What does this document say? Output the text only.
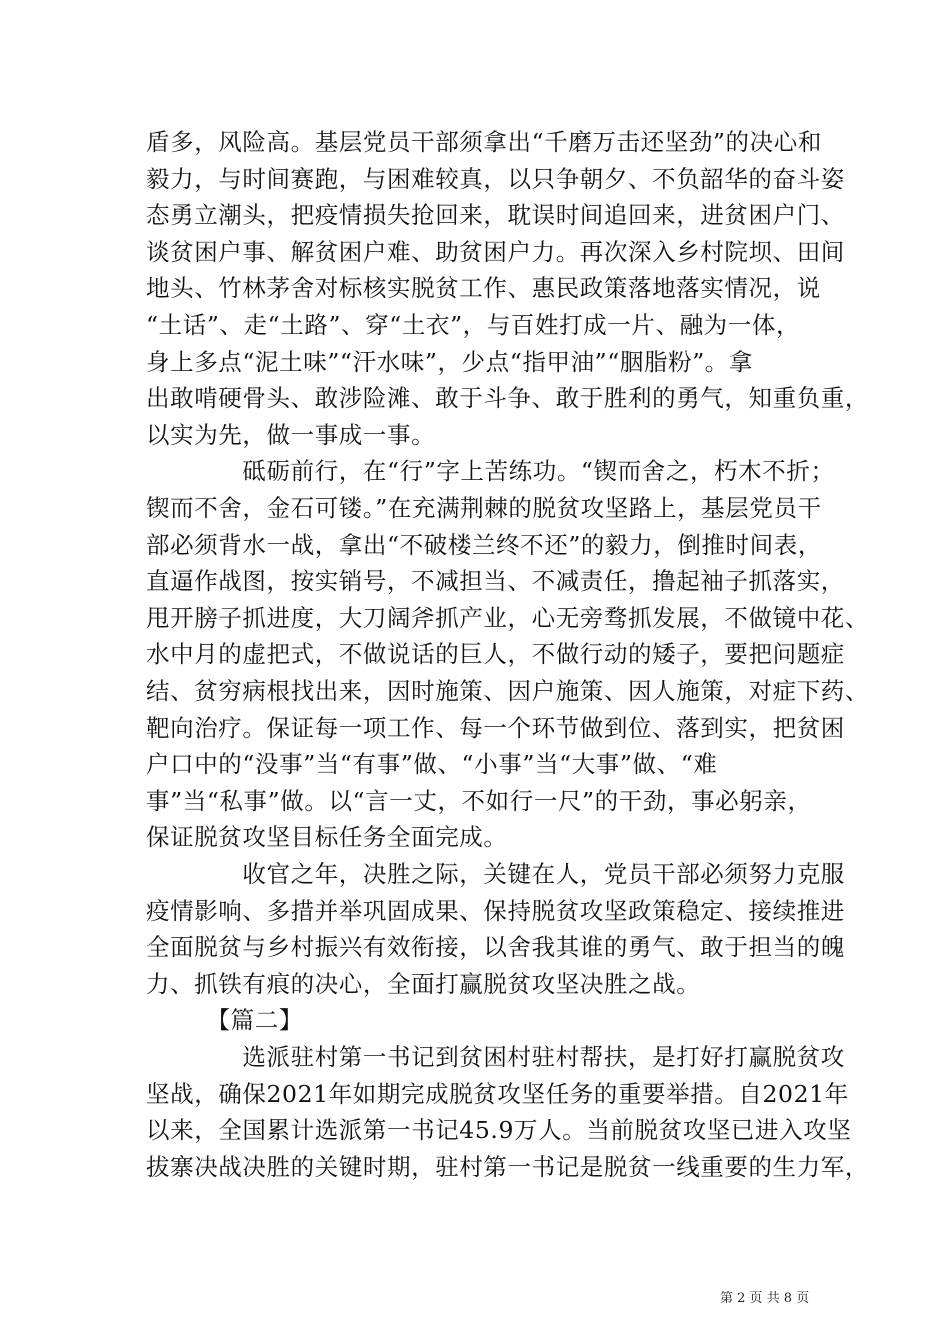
盾多，风险高。基层党员干部须拿出“千磨万击还坚劲”的决心和
毅力，与时间赛跑，与困难较真，以只争朝夕、不负韶华的奋斗姿
态勇立潮头，把疫情损失抢回来，耽误时间追回来，进贫困户门、
谈贫困户事、解贫困户难、助贫困户力。再次深入乡村院坝、田间
地头、竹林茅舍对标核实脱贫工作、惠民政策落地落实情况，说
“土话”、走“土路”、穿“土衣”，与百姓打成一片、融为一体，
身上多点“泥土味”“汗水味”，少点“指甲油”“胭脂粉”。拿
出敢啃硬骨头、敢涉险滩、敢于斗争、敢于胜利的勇气，知重负重，
以实为先，做一事成一事。
　　　　砥砺前行，在“行”字上苦练功。“锲而舍之，朽木不折；
锲而不舍，金石可镂。”在充满荆棘的脱贫攻坚路上，基层党员干
部必须背水一战，拿出“不破楼兰终不还”的毅力，倒推时间表，
直逼作战图，按实销号，不减担当、不减责任，撸起袖子抓落实，
甩开膀子抓进度，大刀阔斧抓产业，心无旁骛抓发展，不做镜中花、
水中月的虚把式，不做说话的巨人，不做行动的矮子，要把问题症
结、贫穷病根找出来，因时施策、因户施策、因人施策，对症下药、
靶向治疗。保证每一项工作、每一个环节做到位、落到实，把贫困
户口中的“没事”当“有事”做、“小事”当“大事”做、“难
事”当“私事”做。以“言一丈，不如行一尺”的干劲，事必躬亲，
保证脱贫攻坚目标任务全面完成。
　　　　收官之年，决胜之际，关键在人，党员干部必须努力克服
疫情影响、多措并举巩固成果、保持脱贫攻坚政策稳定、接续推进
全面脱贫与乡村振兴有效衔接，以舍我其谁的勇气、敢于担当的魄
力、抓铁有痕的决心，全面打赢脱贫攻坚决胜之战。
　　　【篇二】
　　　　选派驻村第一书记到贫困村驻村帮扶，是打好打赢脱贫攻
坚战，确保2021年如期完成脱贫攻坚任务的重要举措。自2021年
以来，全国累计选派第一书记45.9万人。当前脱贫攻坚已进入攻坚
拔寨决战决胜的关键时期，驻村第一书记是脱贫一线重要的生力军，
第 2 页 共 8 页
